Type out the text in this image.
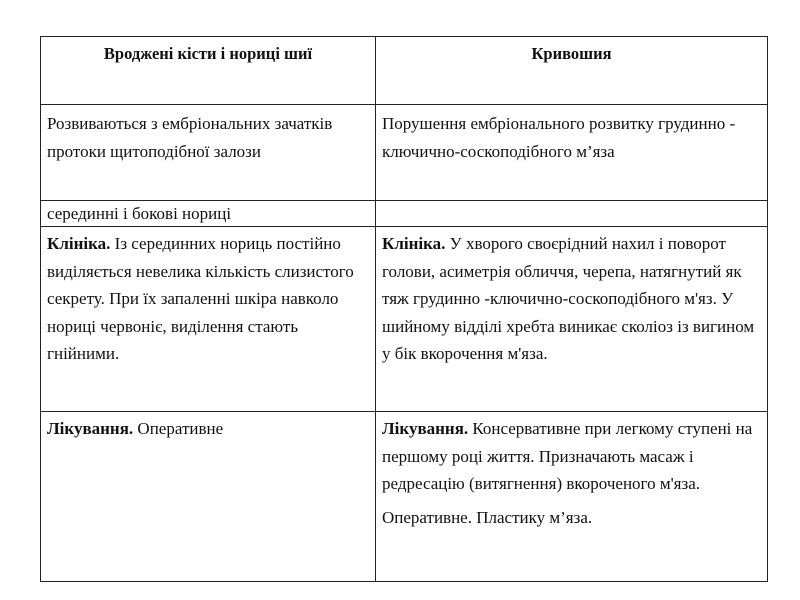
Вроджені кісти і нориці шиї	Кривошия
Розвиваються з ембріональних зачатків протоки щитоподібної залози	Порушення ембріонального розвитку грудинно - ключично-соскоподібного м’яза
серединні і бокові нориці	
Клініка. Із серединних нориць постійно виділяється невелика кількість слизистого секрету. При їх запаленні шкіра навколо нориці червоніє, виділення стають гнійними.	Клініка. У хворого своєрідний нахил і поворот голови, асиметрія обличчя, черепа, натягнутий як тяж грудинно -ключично-соскоподібного м'яз. У шийному відділі хребта виникає сколіоз із вигином у бік вкорочення м'яза.
Лікування. Оперативне	Лікування. Консервативне при легкому ступені на першому році життя. Призначають масаж і редресацію (витягнення) вкороченого м'яза.

Оперативне. Пластику м’яза.
